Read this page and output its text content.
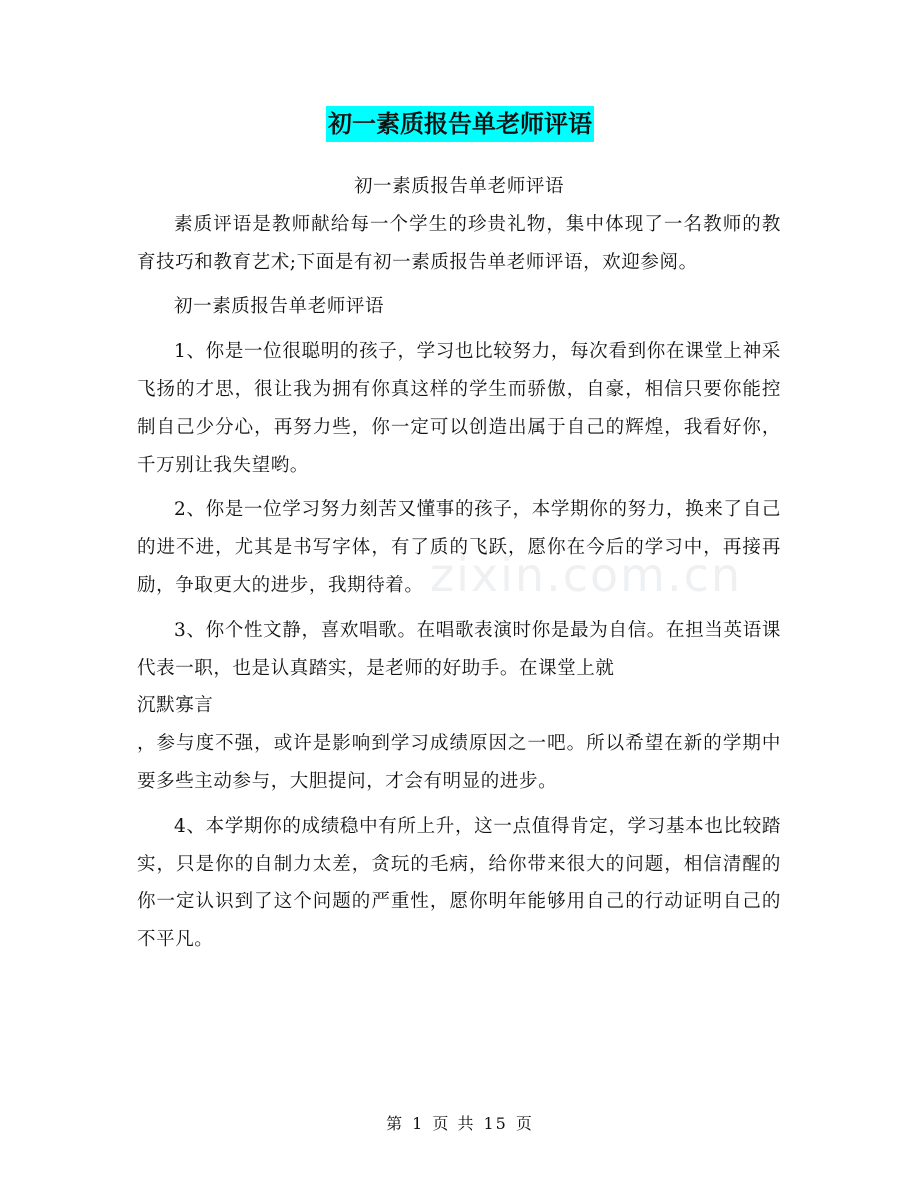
初一素质报告单老师评语
zixin.com.cn

初一素质报告单老师评语

素质评语是教师献给每一个学生的珍贵礼物，集中体现了一名教师的教育技巧和教育艺术;下面是有初一素质报告单老师评语，欢迎参阅。

初一素质报告单老师评语

1、你是一位很聪明的孩子，学习也比较努力，每次看到你在课堂上神采飞扬的才思，很让我为拥有你真这样的学生而骄傲，自豪，相信只要你能控制自己少分心，再努力些，你一定可以创造出属于自己的辉煌，我看好你，千万别让我失望哟。

2、你是一位学习努力刻苦又懂事的孩子，本学期你的努力，换来了自己的进不进，尤其是书写字体，有了质的飞跃，愿你在今后的学习中，再接再励，争取更大的进步，我期待着。

3、你个性文静，喜欢唱歌。在唱歌表演时你是最为自信。在担当英语课代表一职，也是认真踏实，是老师的好助手。在课堂上就

沉默寡言

，参与度不强，或许是影响到学习成绩原因之一吧。所以希望在新的学期中要多些主动参与，大胆提问，才会有明显的进步。

4、本学期你的成绩稳中有所上升，这一点值得肯定，学习基本也比较踏实，只是你的自制力太差，贪玩的毛病，给你带来很大的问题，相信清醒的你一定认识到了这个问题的严重性，愿你明年能够用自己的行动证明自己的不平凡。

第 1 页 共 15 页
